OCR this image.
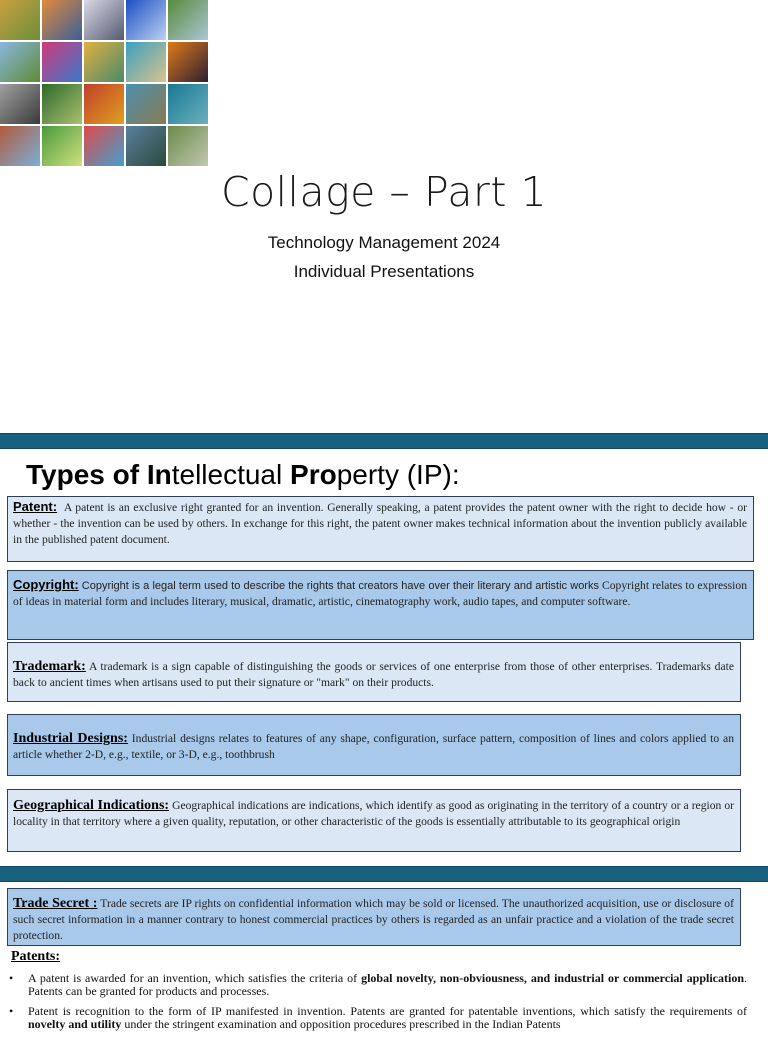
Collage – Part 1
Technology Management 2024
Individual Presentations
Types of Intellectual Property (IP):
Patent: A patent is an exclusive right granted for an invention. Generally speaking, a patent provides the patent owner with the right to decide how - or whether - the invention can be used by others. In exchange for this right, the patent owner makes technical information about the invention publicly available in the published patent document.
Copyright: Copyright is a legal term used to describe the rights that creators have over their literary and artistic works Copyright relates to expression of ideas in material form and includes literary, musical, dramatic, artistic, cinematography work, audio tapes, and computer software.
Trademark: A trademark is a sign capable of distinguishing the goods or services of one enterprise from those of other enterprises. Trademarks date back to ancient times when artisans used to put their signature or "mark" on their products.
Industrial Designs: Industrial designs relates to features of any shape, configuration, surface pattern, composition of lines and colors applied to an article whether 2-D, e.g., textile, or 3-D, e.g., toothbrush
Geographical Indications: Geographical indications are indications, which identify as good as originating in the territory of a country or a region or locality in that territory where a given quality, reputation, or other characteristic of the goods is essentially attributable to its geographical origin
Trade Secret : Trade secrets are IP rights on confidential information which may be sold or licensed. The unauthorized acquisition, use or disclosure of such secret information in a manner contrary to honest commercial practices by others is regarded as an unfair practice and a violation of the trade secret protection.
Patents:
•	A patent is awarded for an invention, which satisfies the criteria of global novelty, non-obviousness, and industrial or commercial application. Patents can be granted for products and processes.
•	Patent is recognition to the form of IP manifested in invention. Patents are granted for patentable inventions, which satisfy the requirements of novelty and utility under the stringent examination and opposition procedures prescribed in the Indian Patents
